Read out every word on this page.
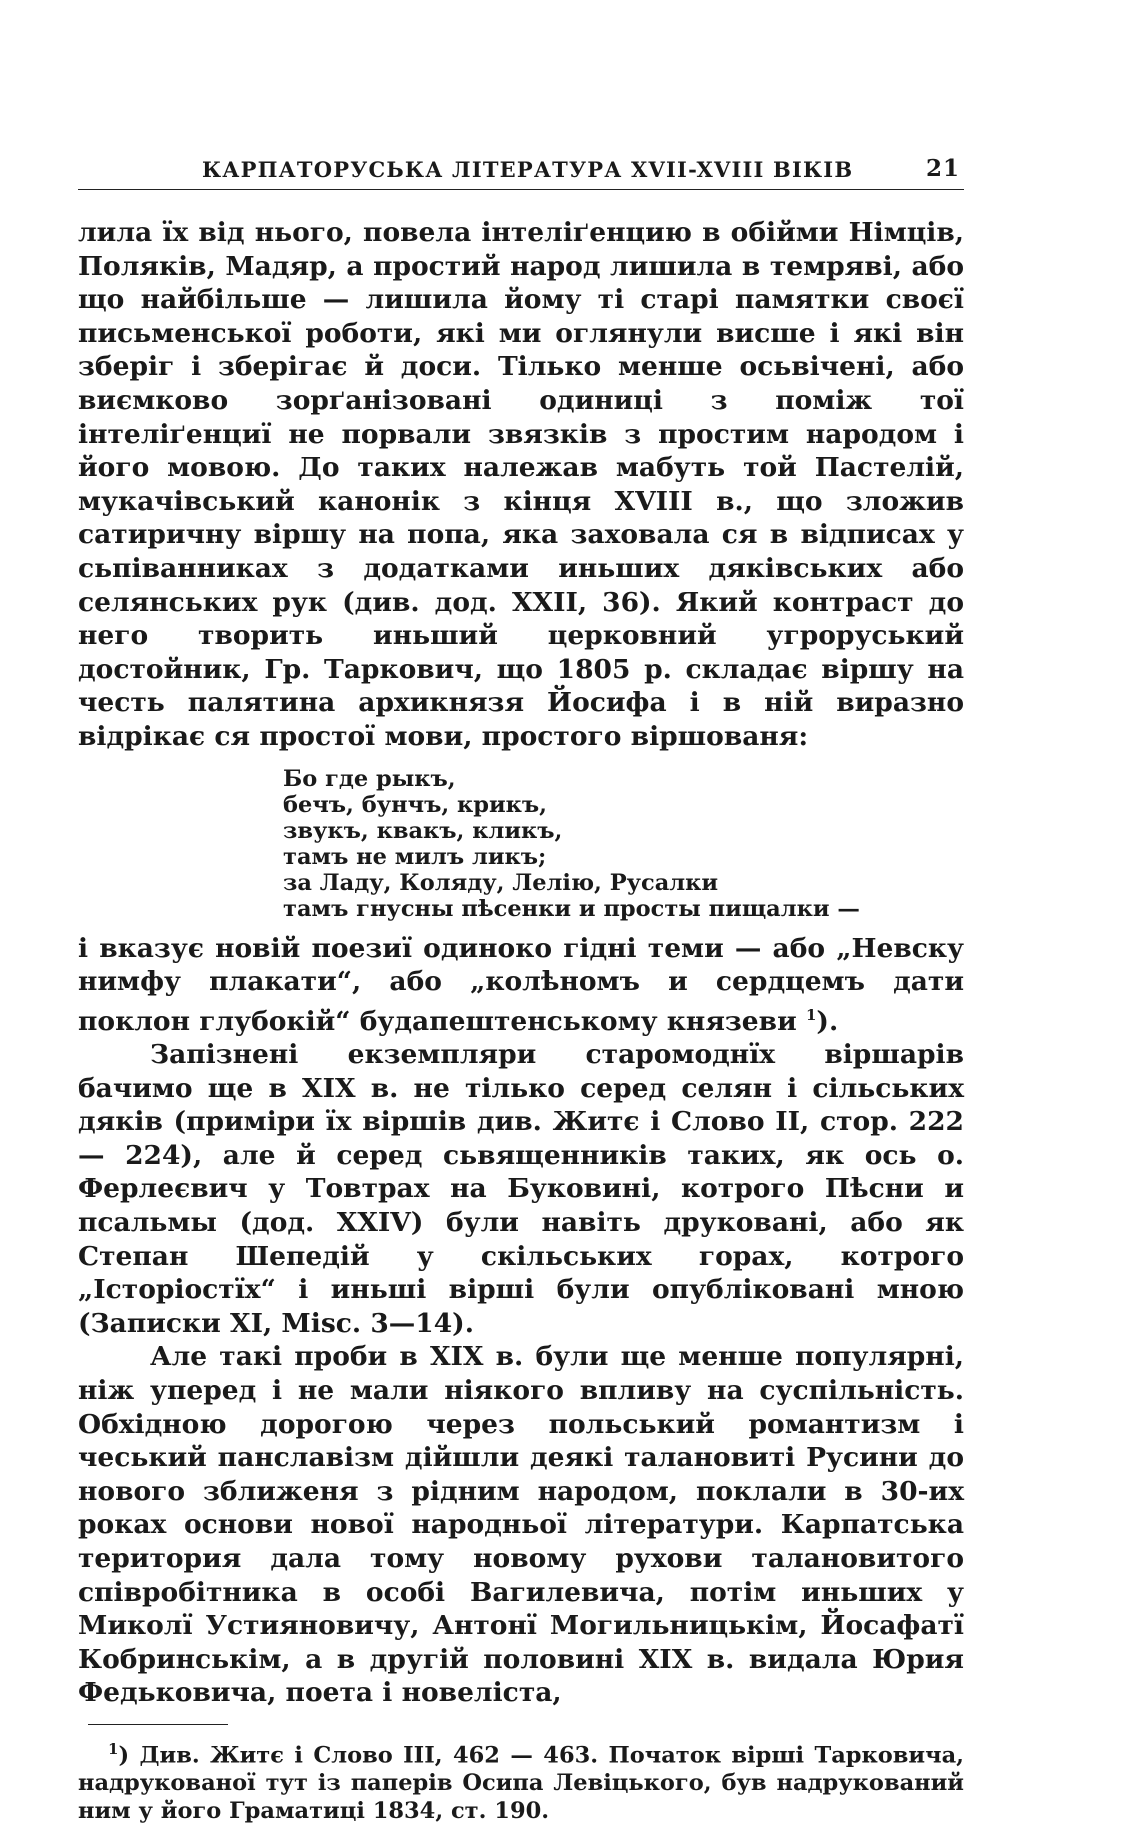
КАРПАТОРУСЬКА ЛІТЕРАТУРА XVII-XVIII ВІКІВ	21

лила їх від нього, повела інтеліґенцию в обійми Німців, Поляків, Мадяр, а простий народ лишила в темряві, або що найбільше — лишила йому ті старі памятки своєї письменської роботи, які ми оглянули висше і які він зберіг і зберігає й доси. Тілько менше осьвічені, або виємково зорґанізовані одиниці з поміж тої інтеліґенциї не порвали звязків з простим народом і його мовою. До таких належав мабуть той Пастелій, мукачівський канонік з кінця XVIII в., що зложив сатиричну віршу на попа, яка заховала ся в відписах у сьпіванниках з додатками иньших дяківських або селянських рук (див. дод. XXII, 36). Який контраст до него творить иньший церковний угроруський достойник, Гр. Таркович, що 1805 р. складає віршу на честь палятина архикнязя Йосифа і в ній виразно відрікає ся простої мови, простого віршованя:

Бо где рыкъ,
бечъ, бунчъ, крикъ,
звукъ, квакъ, кликъ,
тамъ не милъ ликъ;
за Ладу, Коляду, Лелію, Русалки
тамъ гнусны пѣсенки и просты пищалки —

і вказує новій поезиї одиноко гідні теми — або „Невску нимфу плакати“, або „колѣномъ и сердцемъ дати поклон глубокій“ будапештенському князеви $^1$).

Запізнені екземпляри старомоднїх віршарів бачимо ще в XIX в. не тілько серед селян і сільських дяків (приміри їх віршів див. Житє і Слово II, стор. 222 — 224), але й серед сьвященників таких, як ось о. Ферлеєвич у Товтрах на Буковині, котрого Пѣсни и псальмы (дод. XXIV) були навіть друковані, або як Степан Шепедій у скільських горах, котрого „Історіостїх“ і иньші вірші були опубліковані мною (Записки XI, Misc. 3—14).

Але такі проби в XIX в. були ще менше популярні, ніж уперед і не мали ніякого впливу на суспільність. Обхідною дорогою через польський романтизм і чеський панславізм дійшли деякі талановиті Русини до нового зближеня з рідним народом, поклали в 30-их роках основи нової народньої літератури. Карпатська територия дала тому новому рухови талановитого співробітника в особі Вагилевича, потім иньших у Миколї Устияновичу, Антонї Могильницькім, Йосафатї Кобринськім, а в другій половині XIX в. видала Юрия Федьковича, поета і новеліста,

$^1$) Див. Житє і Слово III, 462 — 463. Початок вірші Тарковича, надрукованої тут із паперів Осипа Левіцького, був надрукований ним у його Граматиці 1834, ст. 190.
